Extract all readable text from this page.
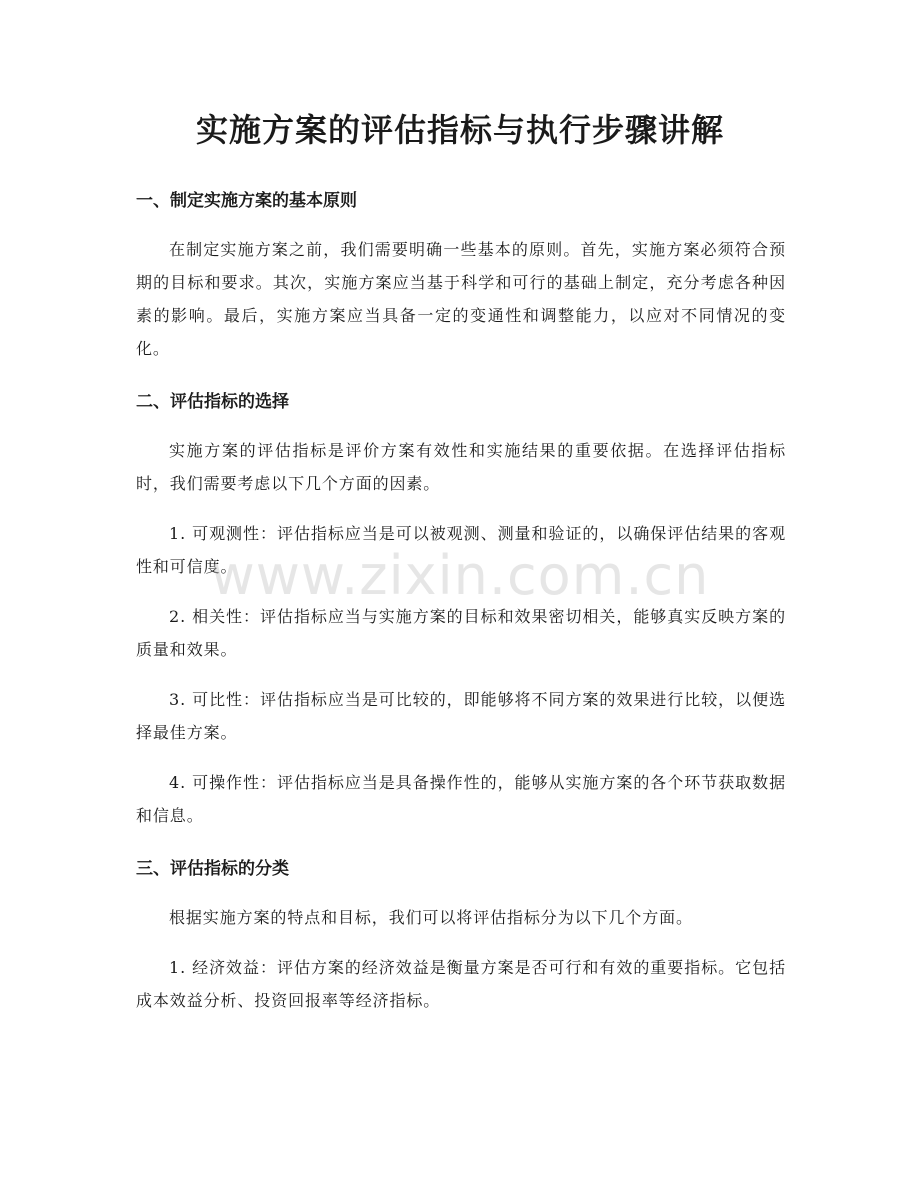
实施方案的评估指标与执行步骤讲解
一、制定实施方案的基本原则

在制定实施方案之前，我们需要明确一些基本的原则。首先，实施方案必须符合预期的目标和要求。其次，实施方案应当基于科学和可行的基础上制定，充分考虑各种因素的影响。最后，实施方案应当具备一定的变通性和调整能力，以应对不同情况的变化。

二、评估指标的选择

实施方案的评估指标是评价方案有效性和实施结果的重要依据。在选择评估指标时，我们需要考虑以下几个方面的因素。

1. 可观测性：评估指标应当是可以被观测、测量和验证的，以确保评估结果的客观性和可信度。

2. 相关性：评估指标应当与实施方案的目标和效果密切相关，能够真实反映方案的质量和效果。

3. 可比性：评估指标应当是可比较的，即能够将不同方案的效果进行比较，以便选择最佳方案。

4. 可操作性：评估指标应当是具备操作性的，能够从实施方案的各个环节获取数据和信息。

三、评估指标的分类

根据实施方案的特点和目标，我们可以将评估指标分为以下几个方面。

1. 经济效益：评估方案的经济效益是衡量方案是否可行和有效的重要指标。它包括成本效益分析、投资回报率等经济指标。

www.zixin.com.cn
